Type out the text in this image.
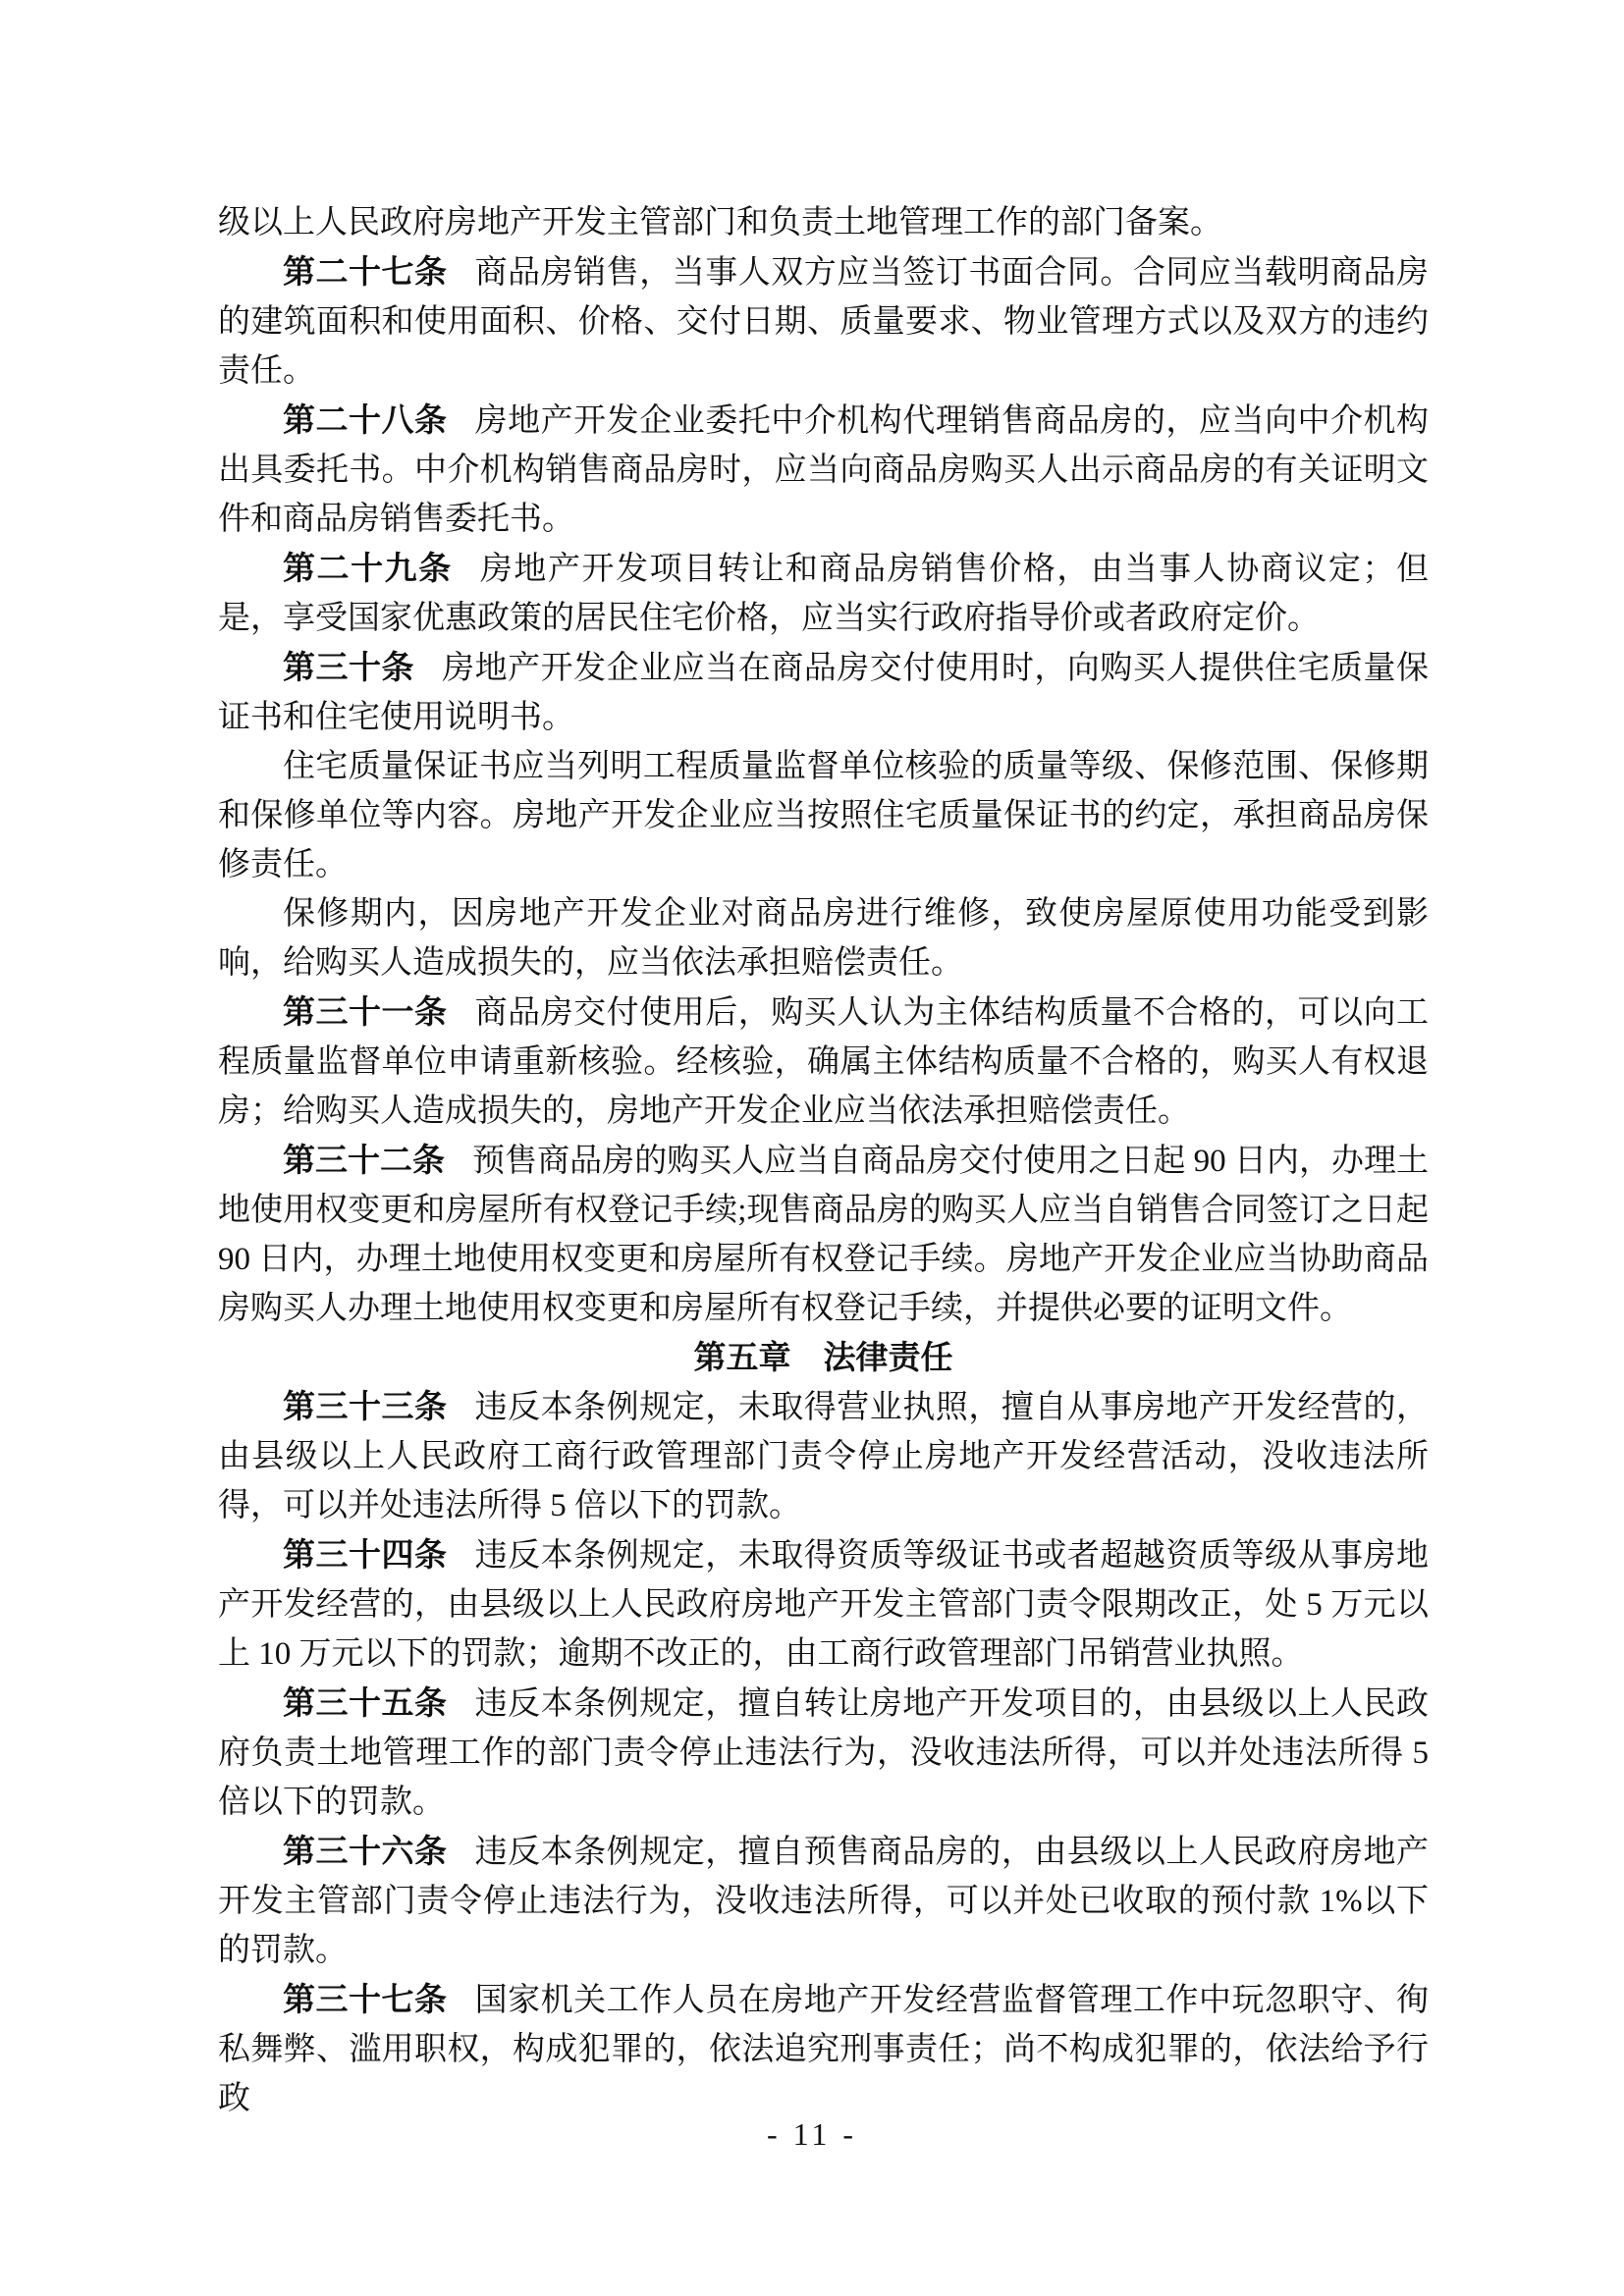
级以上人民政府房地产开发主管部门和负责土地管理工作的部门备案。

第二十七条 商品房销售，当事人双方应当签订书面合同。合同应当载明商品房的建筑面积和使用面积、价格、交付日期、质量要求、物业管理方式以及双方的违约责任。

第二十八条 房地产开发企业委托中介机构代理销售商品房的，应当向中介机构出具委托书。中介机构销售商品房时，应当向商品房购买人出示商品房的有关证明文件和商品房销售委托书。

第二十九条 房地产开发项目转让和商品房销售价格，由当事人协商议定；但是，享受国家优惠政策的居民住宅价格，应当实行政府指导价或者政府定价。

第三十条 房地产开发企业应当在商品房交付使用时，向购买人提供住宅质量保证书和住宅使用说明书。

住宅质量保证书应当列明工程质量监督单位核验的质量等级、保修范围、保修期和保修单位等内容。房地产开发企业应当按照住宅质量保证书的约定，承担商品房保修责任。

保修期内，因房地产开发企业对商品房进行维修，致使房屋原使用功能受到影响，给购买人造成损失的，应当依法承担赔偿责任。

第三十一条 商品房交付使用后，购买人认为主体结构质量不合格的，可以向工程质量监督单位申请重新核验。经核验，确属主体结构质量不合格的，购买人有权退房；给购买人造成损失的，房地产开发企业应当依法承担赔偿责任。

第三十二条 预售商品房的购买人应当自商品房交付使用之日起 90 日内，办理土地使用权变更和房屋所有权登记手续;现售商品房的购买人应当自销售合同签订之日起 90 日内，办理土地使用权变更和房屋所有权登记手续。房地产开发企业应当协助商品房购买人办理土地使用权变更和房屋所有权登记手续，并提供必要的证明文件。

第五章 法律责任

第三十三条 违反本条例规定，未取得营业执照，擅自从事房地产开发经营的，由县级以上人民政府工商行政管理部门责令停止房地产开发经营活动，没收违法所得，可以并处违法所得 5 倍以下的罚款。

第三十四条 违反本条例规定，未取得资质等级证书或者超越资质等级从事房地产开发经营的，由县级以上人民政府房地产开发主管部门责令限期改正，处 5 万元以上 10 万元以下的罚款；逾期不改正的，由工商行政管理部门吊销营业执照。

第三十五条 违反本条例规定，擅自转让房地产开发项目的，由县级以上人民政府负责土地管理工作的部门责令停止违法行为，没收违法所得，可以并处违法所得 5 倍以下的罚款。

第三十六条 违反本条例规定，擅自预售商品房的，由县级以上人民政府房地产开发主管部门责令停止违法行为，没收违法所得，可以并处已收取的预付款 1%以下的罚款。

第三十七条 国家机关工作人员在房地产开发经营监督管理工作中玩忽职守、徇私舞弊、滥用职权，构成犯罪的，依法追究刑事责任；尚不构成犯罪的，依法给予行政

- 11 -
